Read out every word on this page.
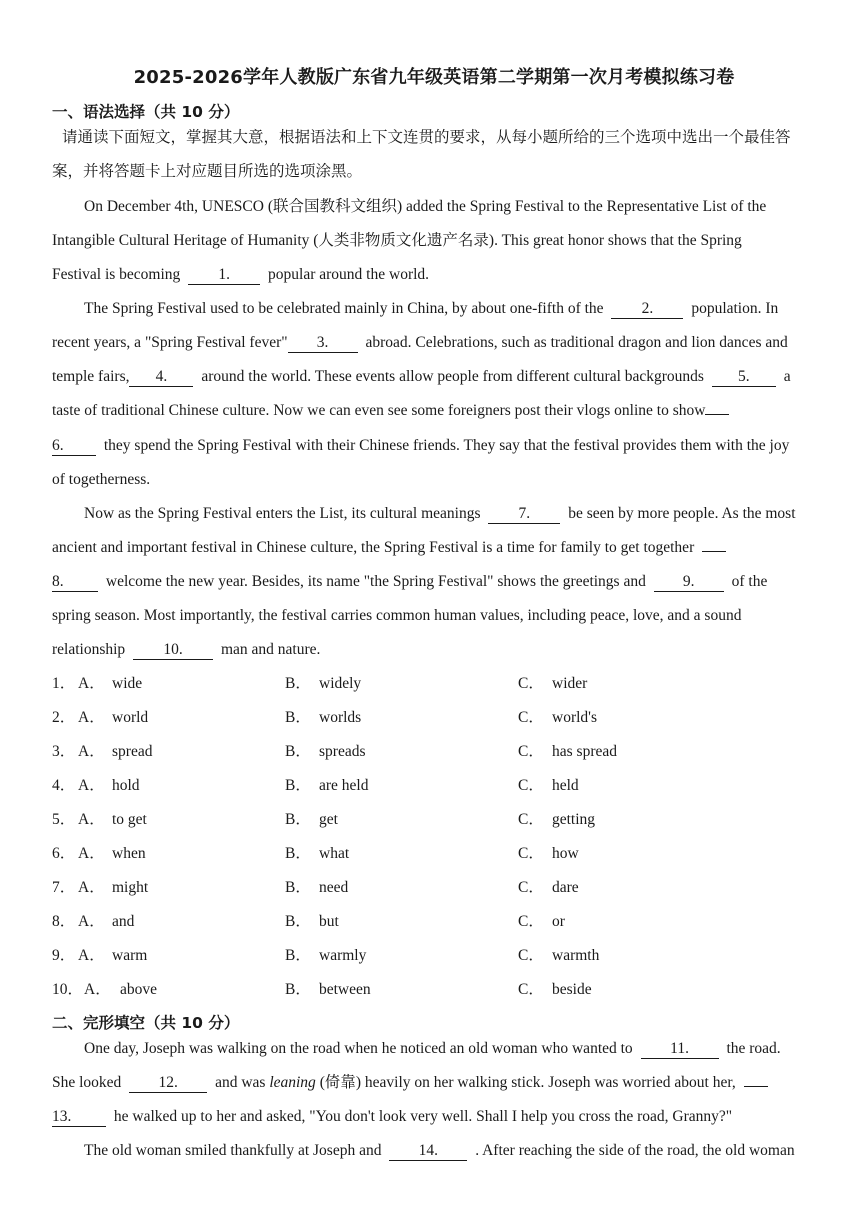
2025-2026学年人教版广东省九年级英语第二学期第一次月考模拟练习卷
一、语法选择（共 10 分）
请通读下面短文，掌握其大意，根据语法和上下文连贯的要求，从每小题所给的三个选项中选出一个最佳答
案，并将答题卡上对应题目所选的选项涂黑。
On December 4th, UNESCO (联合国教科文组织) added the Spring Festival to the Representative List of the
Intangible Cultural Heritage of Humanity (人类非物质文化遗产名录). This great honor shows that the Spring
Festival is becoming 1. popular around the world.
The Spring Festival used to be celebrated mainly in China, by about one-fifth of the 2. population. In
recent years, a "Spring Festival fever" 3. abroad. Celebrations, such as traditional dragon and lion dances and
temple fairs, 4. around the world. These events allow people from different cultural backgrounds 5. a
taste of traditional Chinese culture. Now we can even see some foreigners post their vlogs online to show
6.	they spend the Spring Festival with their Chinese friends. They say that the festival provides them with the joy
of togetherness.
Now as the Spring Festival enters the List, its cultural meanings 7. be seen by more people. As the most
ancient and important festival in Chinese culture, the Spring Festival is a time for family to get together
8.	welcome the new year. Besides, its name "the Spring Festival" shows the greetings and 9. of the
spring season. Most importantly, the festival carries common human values, including peace, love, and a sound
relationship 10. man and nature.
1． A． wide	B． widely	C． wider
2． A． world	B． worlds	C． world's
3． A． spread	B． spreads	C． has spread
4． A． hold	B． are held	C． held
5． A． to get	B． get	C． getting
6． A． when	B． what	C． how
7． A． might	B． need	C． dare
8． A． and	B． but	C． or
9． A． warm	B． warmly	C． warmth
10． A． above	B． between	C． beside
二、完形填空（共 10 分）
One day, Joseph was walking on the road when he noticed an old woman who wanted to 11. the road.
She looked 12. and was leaning (倚靠) heavily on her walking stick. Joseph was worried about her,
13.	he walked up to her and asked, "You don't look very well. Shall I help you cross the road, Granny?"
The old woman smiled thankfully at Joseph and 14. . After reaching the side of the road, the old woman
